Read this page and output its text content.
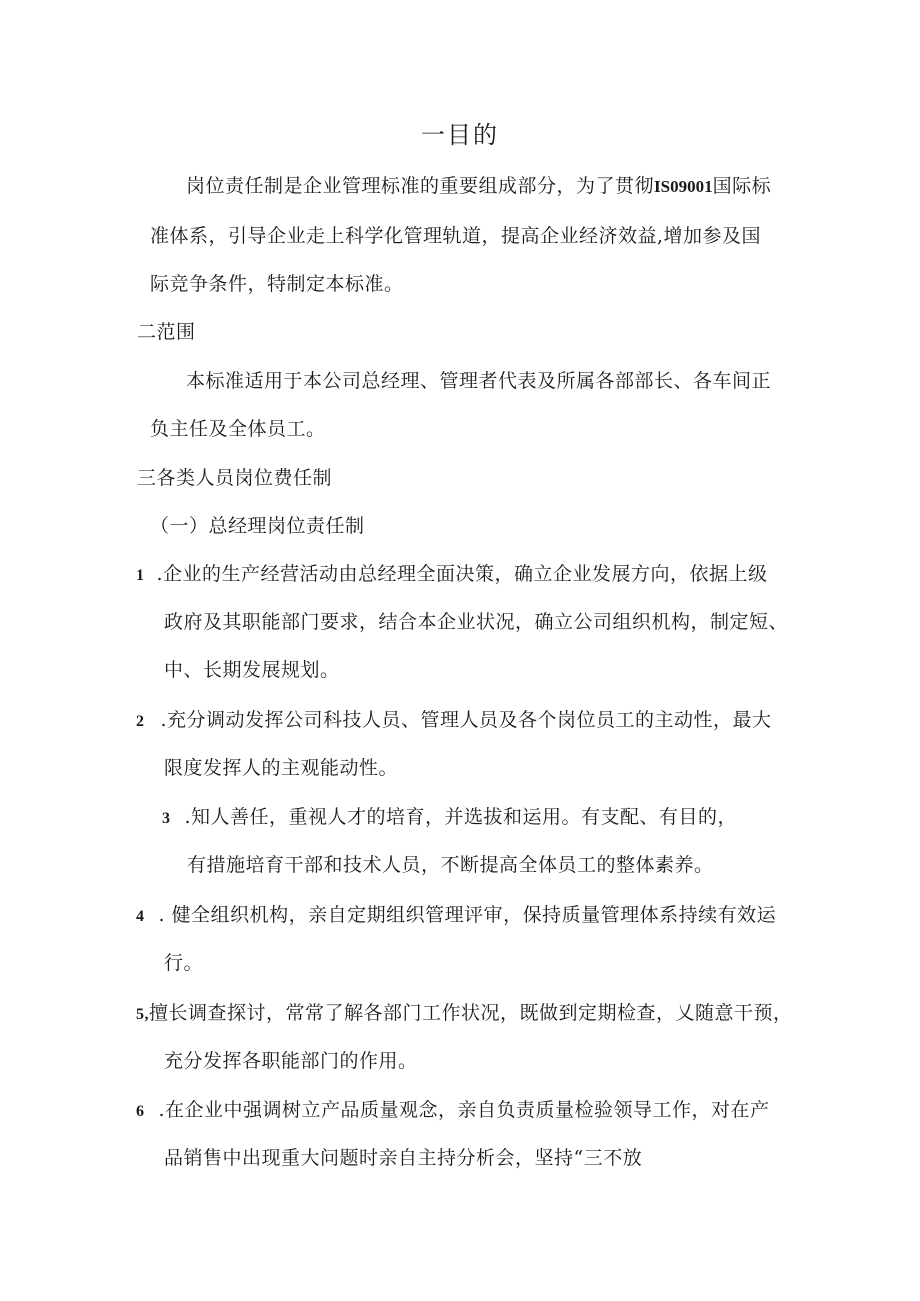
一目的
岗位责任制是企业管理标准的重要组成部分，为了贯彻IS09001国际标
准体系，引导企业走上科学化管理轨道，提高企业经济效益,增加参及国
际竞争条件，特制定本标准。
二范围
本标准适用于本公司总经理、管理者代表及所属各部部长、各车间正
负主任及全体员工。
三各类人员岗位费任制
（一）总经理岗位责任制
1 .企业的生产经营活动由总经理全面决策，确立企业发展方向，依据上级
政府及其职能部门要求，结合本企业状况，确立公司组织机构，制定短、
中、长期发展规划。
2 .充分调动发挥公司科技人员、管理人员及各个岗位员工的主动性，最大
限度发挥人的主观能动性。
3 .知人善任，重视人才的培育，并选拔和运用。有支配、有目的，
有措施培育干部和技术人员，不断提高全体员工的整体素养。
4 . 健全组织机构，亲自定期组织管理评审，保持质量管理体系持续有效运
行。
5,擅长调查探讨，常常了解各部门工作状况，既做到定期检查，乂随意干预，
充分发挥各职能部门的作用。
6 .在企业中强调树立产品质量观念，亲自负责质量检验领导工作，对在产
品销售中出现重大问题时亲自主持分析会，坚持“三不放
